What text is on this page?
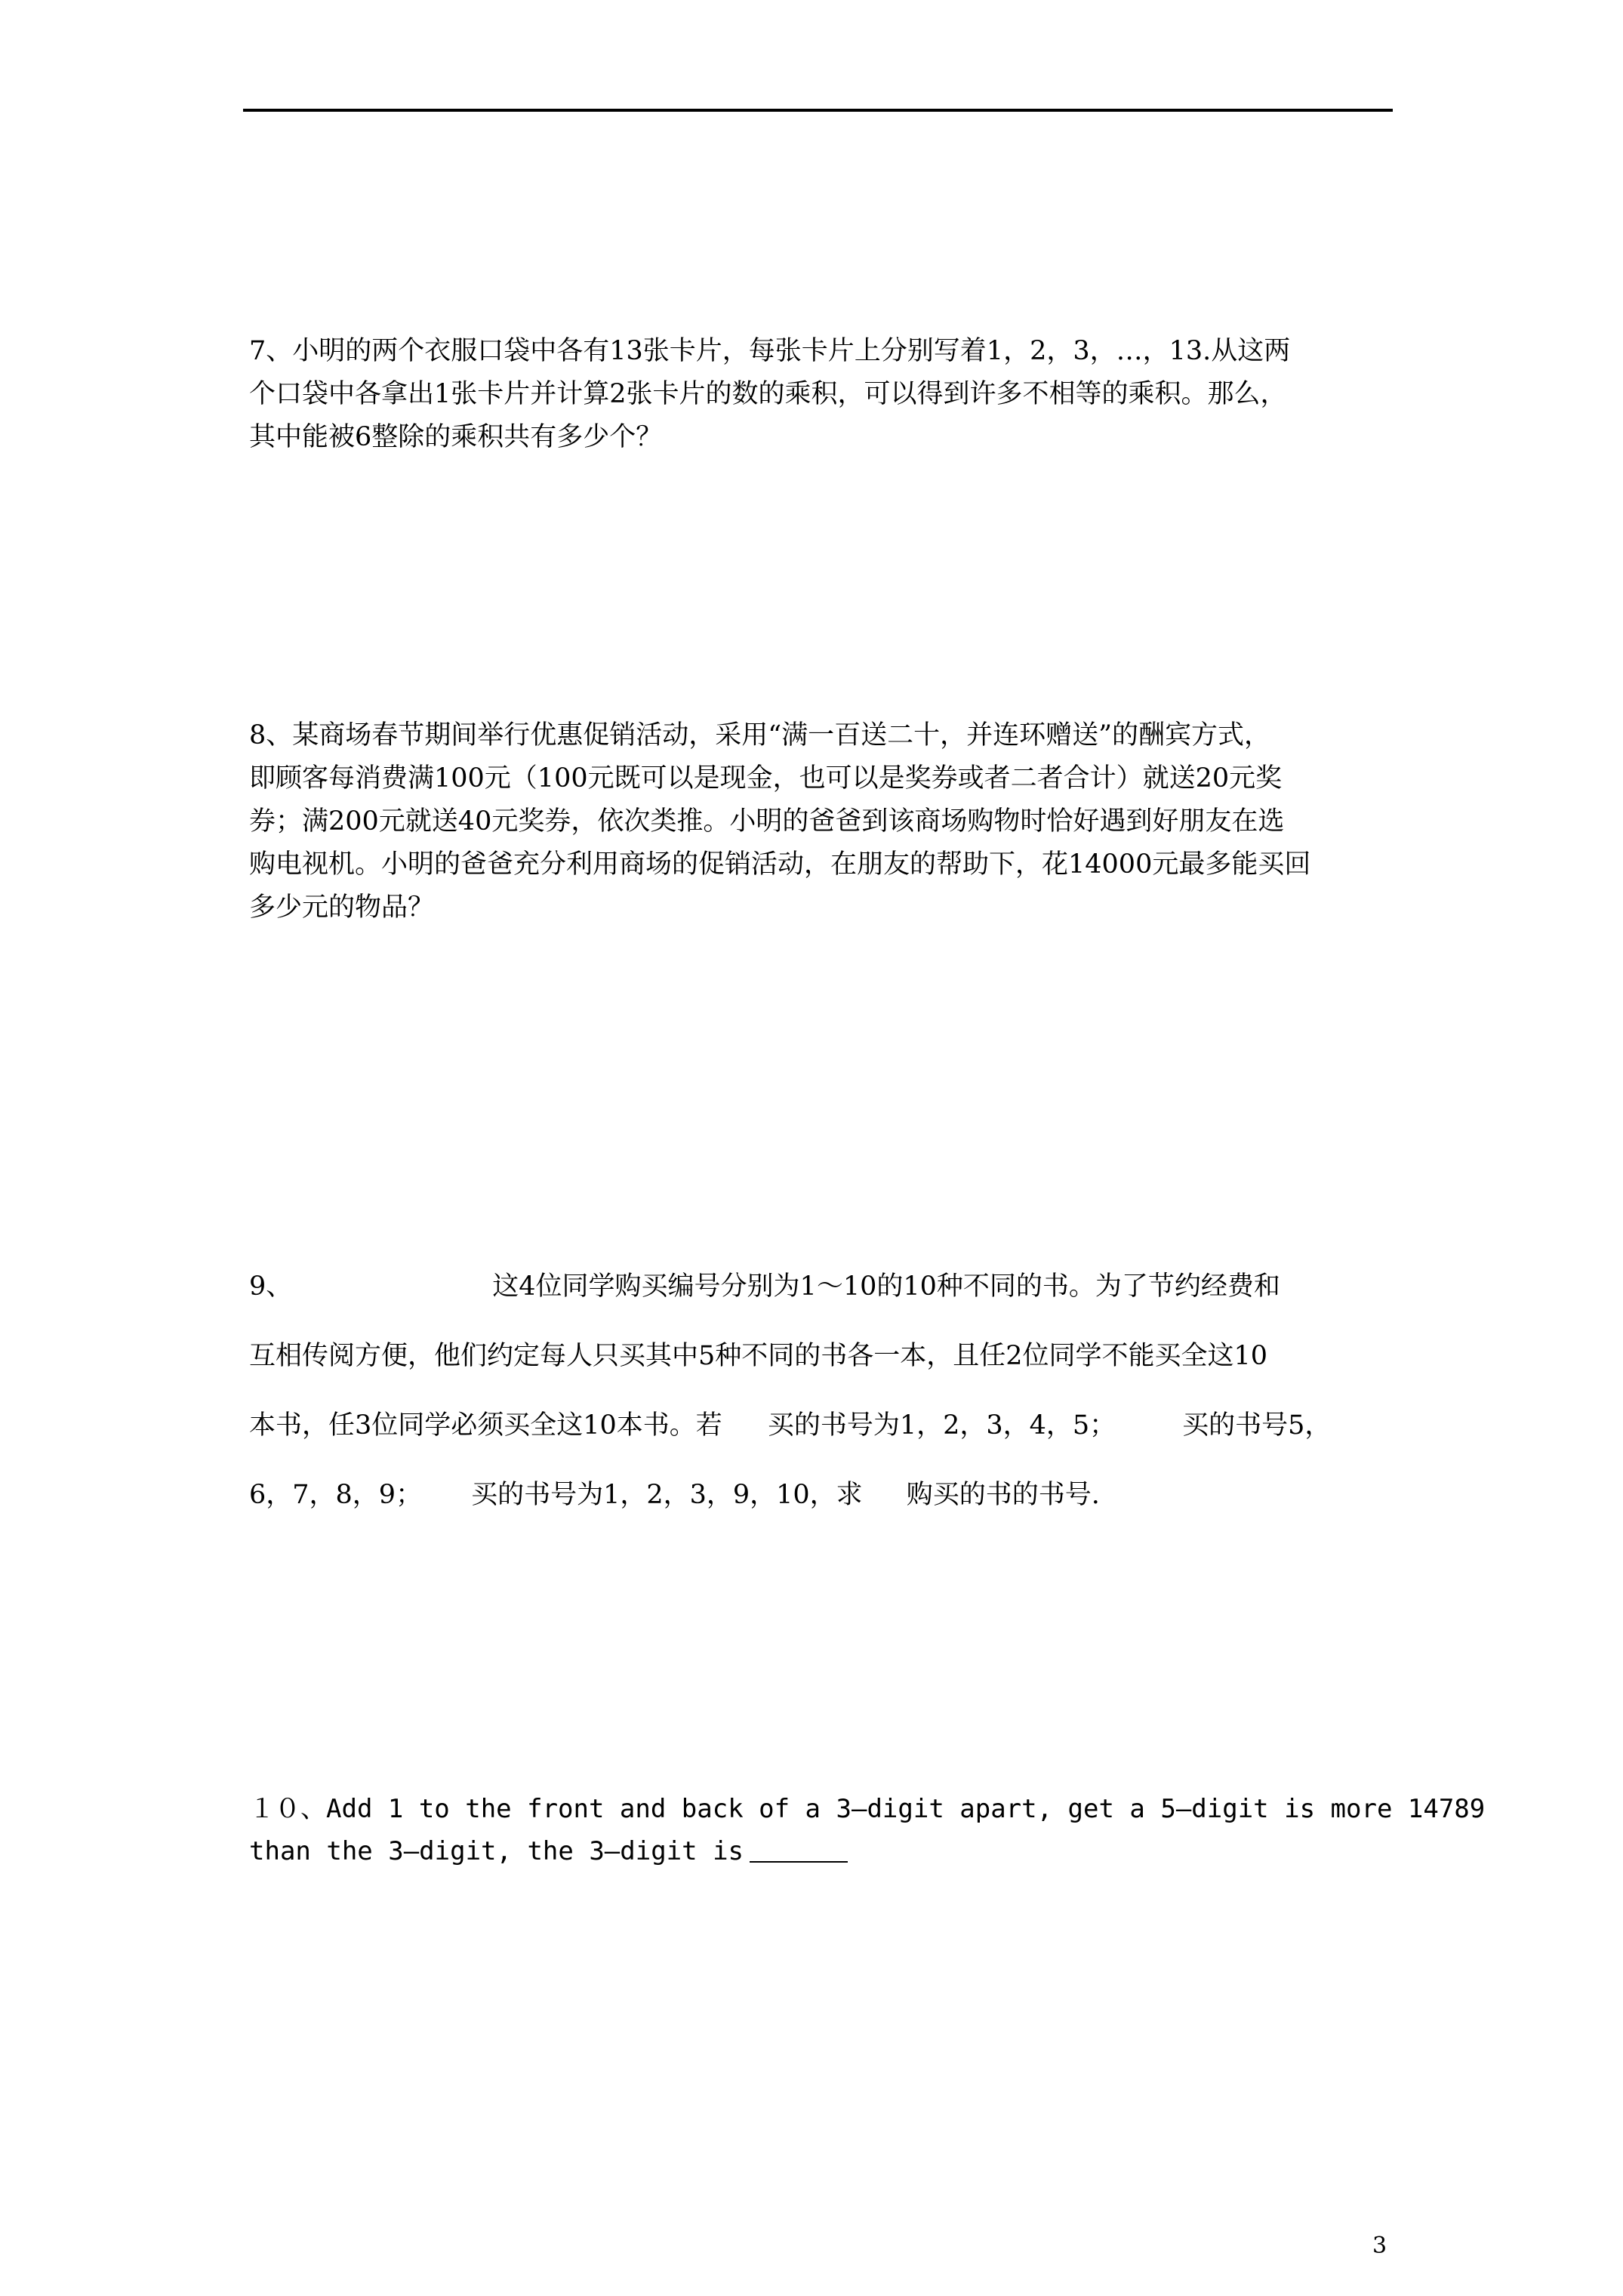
7、小明的两个衣服口袋中各有13张卡片，每张卡片上分别写着1，2，3，…，13.从这两

个口袋中各拿出1张卡片并计算2张卡片的数的乘积，可以得到许多不相等的乘积。那么，

其中能被6整除的乘积共有多少个？

8、某商场春节期间举行优惠促销活动，采用“满一百送二十，并连环赠送”的酬宾方式，

即顾客每消费满100元（100元既可以是现金，也可以是奖券或者二者合计）就送20元奖

券；满200元就送40元奖券，依次类推。小明的爸爸到该商场购物时恰好遇到好朋友在选

购电视机。小明的爸爸充分利用商场的促销活动，在朋友的帮助下，花14000元最多能买回

多少元的物品？

9、	这4位同学购买编号分别为1～10的10种不同的书。为了节约经费和

互相传阅方便，他们约定每人只买其中5种不同的书各一本，且任2位同学不能买全这10

本书，任3位同学必须买全这10本书。若 买的书号为1，2，3，4，5；	买的书号5，

6，7，8，9； 买的书号为1，2，3，9，10，求 购买的书的书号.

１０、Add 1 to the front and back of a 3—digit apart, get a 5—digit is more 14789

than the 3—digit, the 3—digit is

3
